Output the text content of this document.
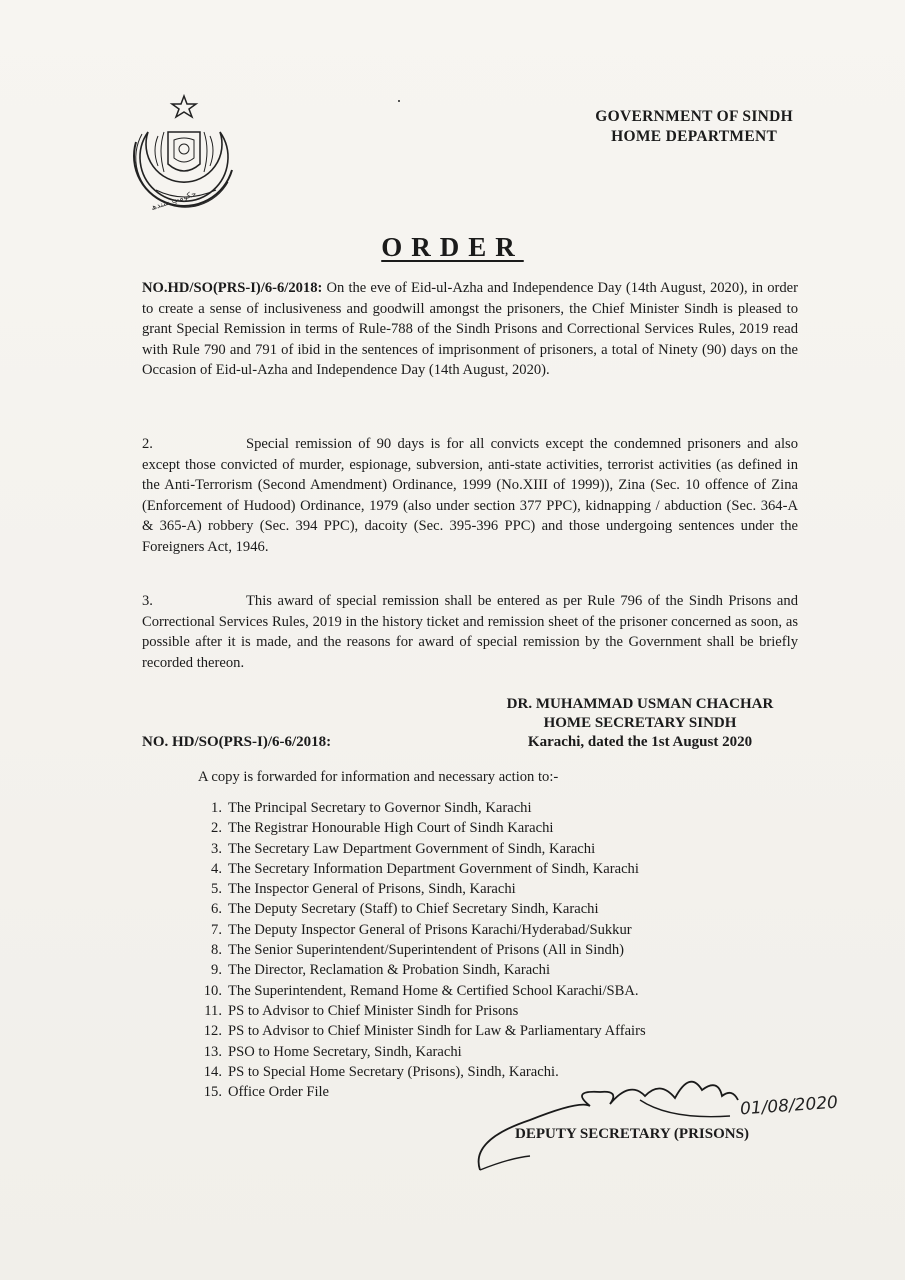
حکومتِ سندھ
GOVERNMENT OF SINDH
HOME DEPARTMENT
ORDER
NO.HD/SO(PRS-I)/6-6/2018: On the eve of Eid-ul-Azha and Independence Day (14th August, 2020), in order to create a sense of inclusiveness and goodwill amongst the prisoners, the Chief Minister Sindh is pleased to grant Special Remission in terms of Rule-788 of the Sindh Prisons and Correctional Services Rules, 2019 read with Rule 790 and 791 of ibid in the sentences of imprisonment of prisoners, a total of Ninety (90) days on the Occasion of Eid-ul-Azha and Independence Day (14th August, 2020).
2.	Special remission of 90 days is for all convicts except the condemned prisoners and also except those convicted of murder, espionage, subversion, anti-state activities, terrorist activities (as defined in the Anti-Terrorism (Second Amendment) Ordinance, 1999 (No.XIII of 1999)), Zina (Sec. 10 offence of Zina (Enforcement of Hudood) Ordinance, 1979 (also under section 377 PPC), kidnapping / abduction (Sec. 364-A & 365-A) robbery (Sec. 394 PPC), dacoity (Sec. 395-396 PPC) and those undergoing sentences under the Foreigners Act, 1946.
3.	This award of special remission shall be entered as per Rule 796 of the Sindh Prisons and Correctional Services Rules, 2019 in the history ticket and remission sheet of the prisoner concerned as soon, as possible after it is made, and the reasons for award of special remission by the Government shall be briefly recorded thereon.
DR. MUHAMMAD USMAN CHACHAR
HOME SECRETARY SINDH
Karachi, dated the 1st August 2020
NO. HD/SO(PRS-I)/6-6/2018:
A copy is forwarded for information and necessary action to:-
1. The Principal Secretary to Governor Sindh, Karachi
2. The Registrar Honourable High Court of Sindh Karachi
3. The Secretary Law Department Government of Sindh, Karachi
4. The Secretary Information Department Government of Sindh, Karachi
5. The Inspector General of Prisons, Sindh, Karachi
6. The Deputy Secretary (Staff) to Chief Secretary Sindh, Karachi
7. The Deputy Inspector General of Prisons Karachi/Hyderabad/Sukkur
8. The Senior Superintendent/Superintendent of Prisons (All in Sindh)
9. The Director, Reclamation & Probation Sindh, Karachi
10. The Superintendent, Remand Home & Certified School Karachi/SBA.
11. PS to Advisor to Chief Minister Sindh for Prisons
12. PS to Advisor to Chief Minister Sindh for Law & Parliamentary Affairs
13. PSO to Home Secretary, Sindh, Karachi
14. PS to Special Home Secretary (Prisons), Sindh, Karachi.
15. Office Order File
01/08/2020
DEPUTY SECRETARY (PRISONS)
